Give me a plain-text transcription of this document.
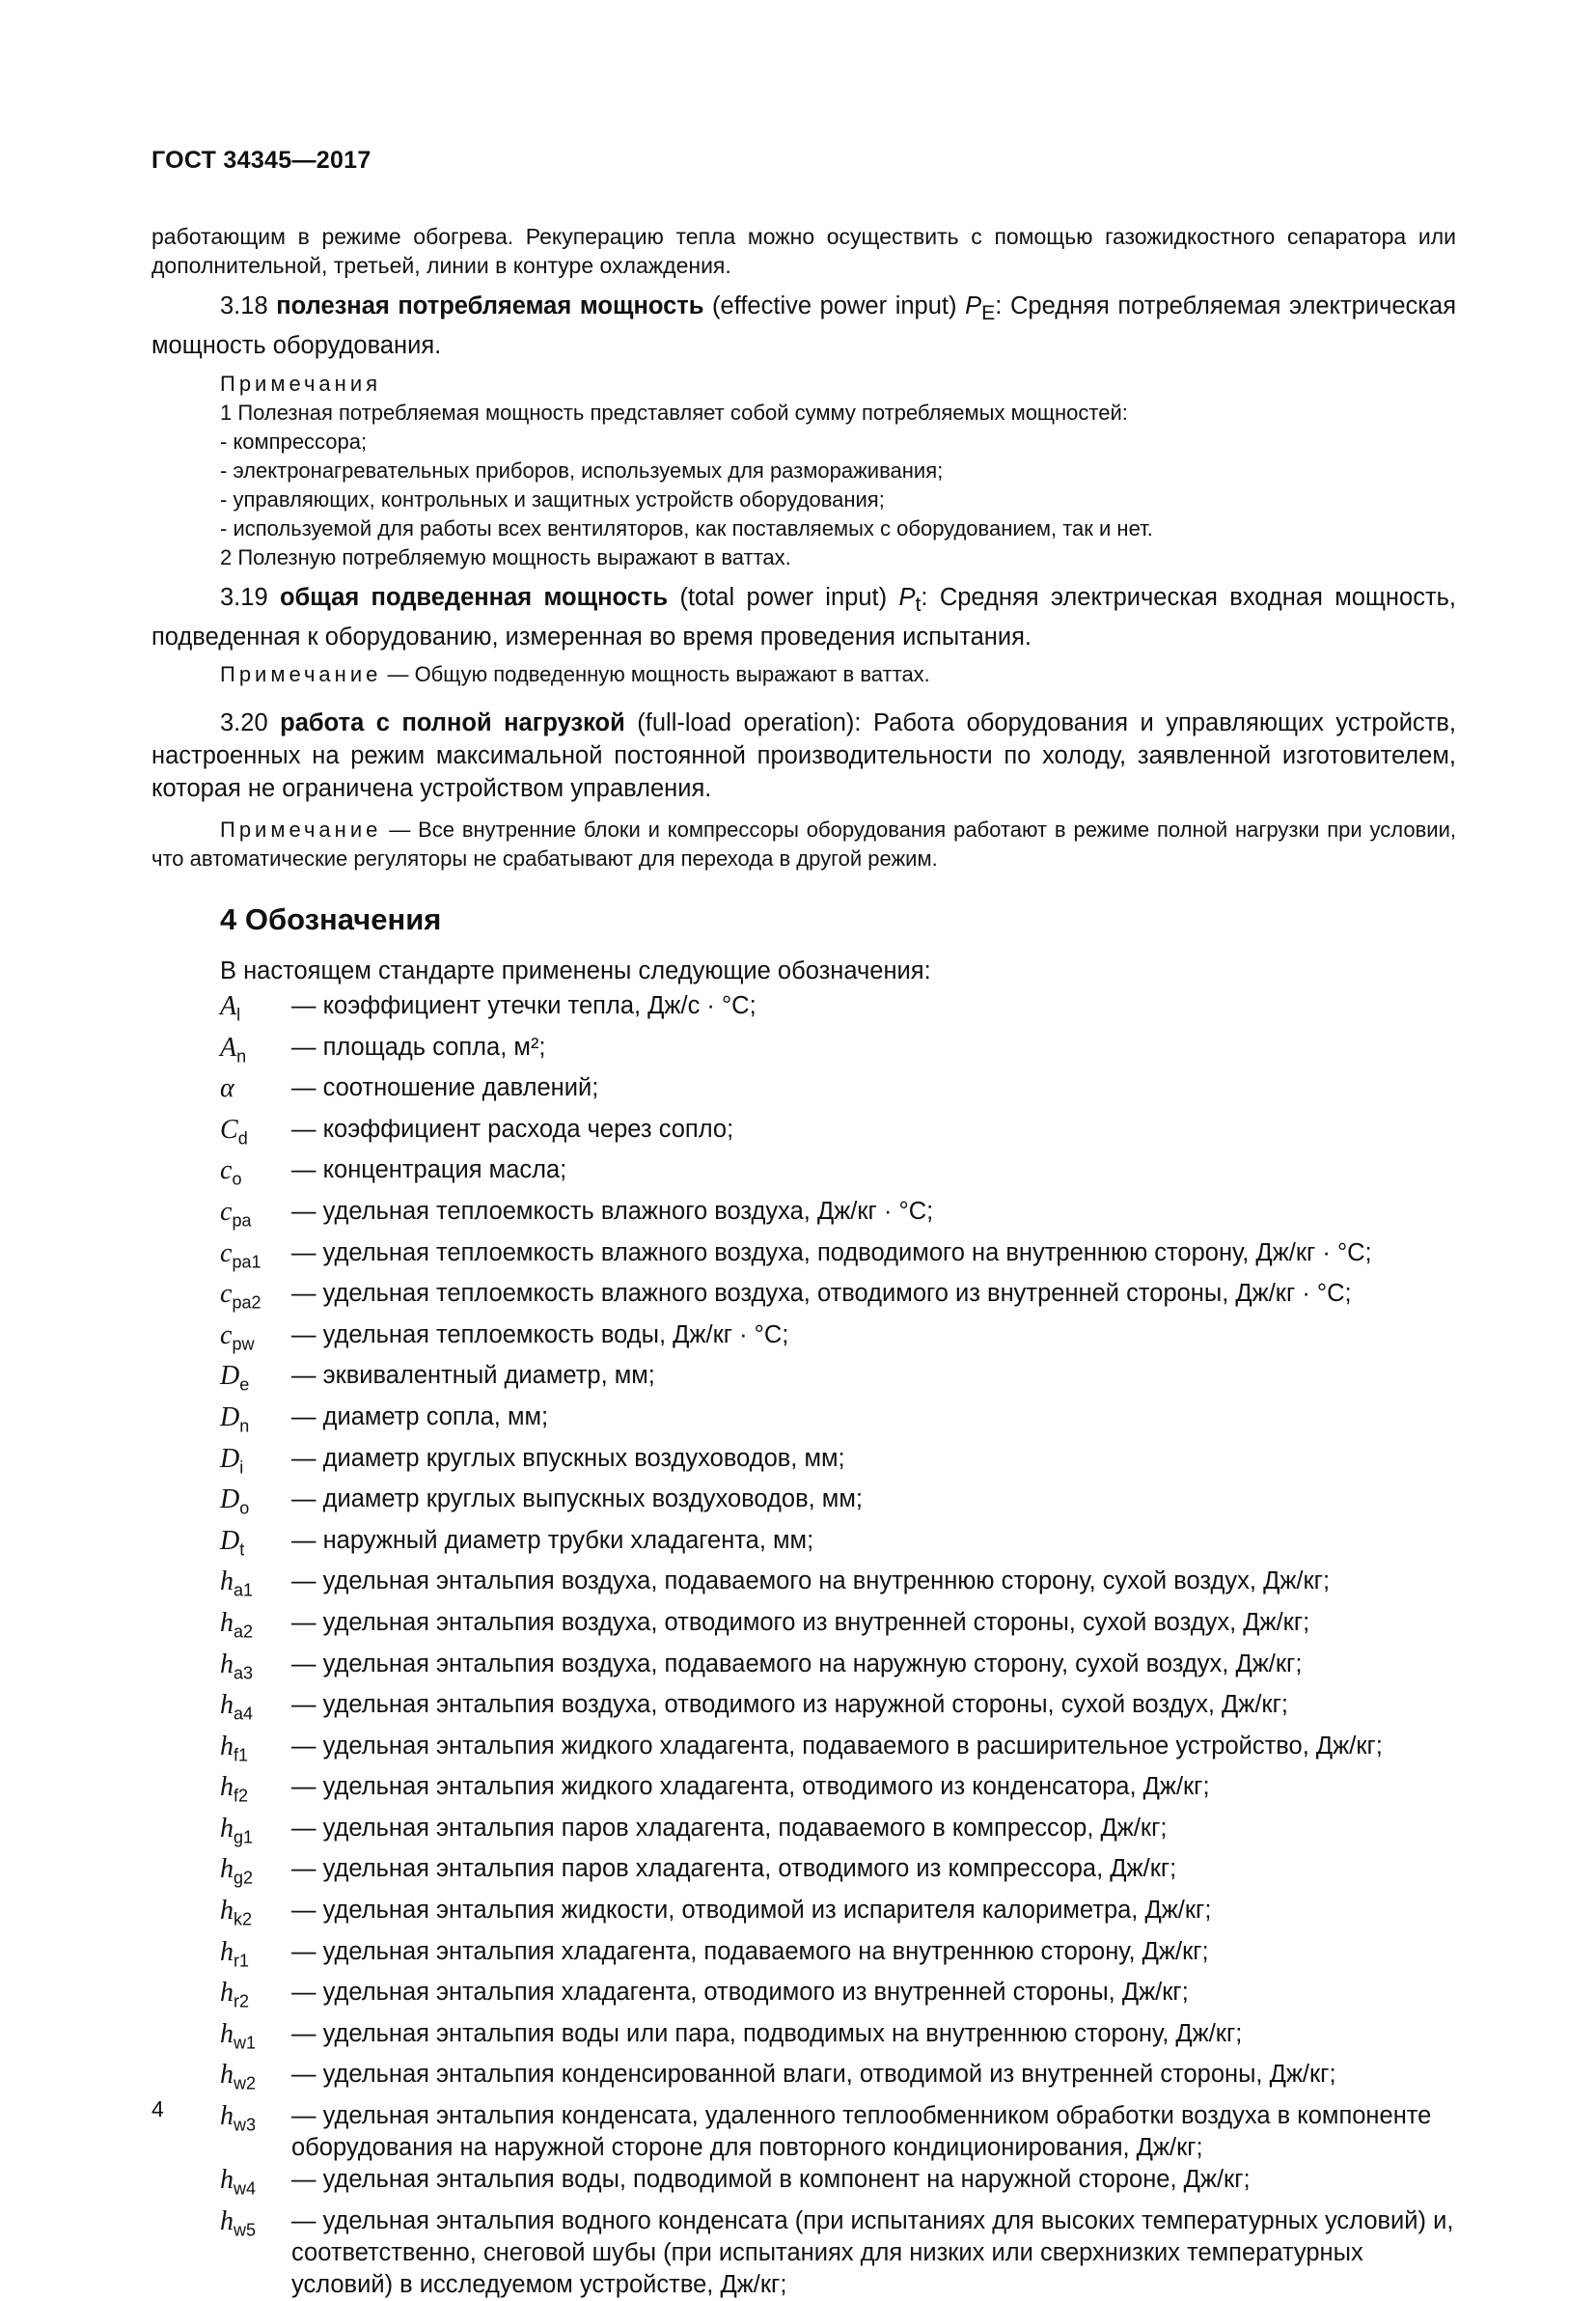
ГОСТ 34345—2017
работающим в режиме обогрева. Рекуперацию тепла можно осуществить с помощью газожидкостного сепаратора или дополнительной, третьей, линии в контуре охлаждения.
3.18 полезная потребляемая мощность (effective power input) $P_E$: Средняя потребляемая электрическая мощность оборудования.
Примечания
1 Полезная потребляемая мощность представляет собой сумму потребляемых мощностей:
- компрессора;
- электронагревательных приборов, используемых для размораживания;
- управляющих, контрольных и защитных устройств оборудования;
- используемой для работы всех вентиляторов, как поставляемых с оборудованием, так и нет.
2 Полезную потребляемую мощность выражают в ваттах.
3.19 общая подведенная мощность (total power input) $P_t$: Средняя электрическая входная мощность, подведенная к оборудованию, измеренная во время проведения испытания.
Примечание — Общую подведенную мощность выражают в ваттах.
3.20 работа с полной нагрузкой (full-load operation): Работа оборудования и управляющих устройств, настроенных на режим максимальной постоянной производительности по холоду, заявленной изготовителем, которая не ограничена устройством управления.
Примечание — Все внутренние блоки и компрессоры оборудования работают в режиме полной нагрузки при условии, что автоматические регуляторы не срабатывают для перехода в другой режим.
4 Обозначения
В настоящем стандарте применены следующие обозначения:
$A_l$	— коэффициент утечки тепла, Дж/с · °С;
$A_n$	— площадь сопла, м²;
α	— соотношение давлений;
$C_d$	— коэффициент расхода через сопло;
$c_o$	— концентрация масла;
$c_{pa}$	— удельная теплоемкость влажного воздуха, Дж/кг · °С;
$c_{pa1}$	— удельная теплоемкость влажного воздуха, подводимого на внутреннюю сторону, Дж/кг · °С;
$c_{pa2}$	— удельная теплоемкость влажного воздуха, отводимого из внутренней стороны, Дж/кг · °С;
$c_{pw}$	— удельная теплоемкость воды, Дж/кг · °С;
$D_e$	— эквивалентный диаметр, мм;
$D_n$	— диаметр сопла, мм;
$D_i$	— диаметр круглых впускных воздуховодов, мм;
$D_o$	— диаметр круглых выпускных воздуховодов, мм;
$D_t$	— наружный диаметр трубки хладагента, мм;
$h_{a1}$	— удельная энтальпия воздуха, подаваемого на внутреннюю сторону, сухой воздух, Дж/кг;
$h_{a2}$	— удельная энтальпия воздуха, отводимого из внутренней стороны, сухой воздух, Дж/кг;
$h_{a3}$	— удельная энтальпия воздуха, подаваемого на наружную сторону, сухой воздух, Дж/кг;
$h_{a4}$	— удельная энтальпия воздуха, отводимого из наружной стороны, сухой воздух, Дж/кг;
$h_{f1}$	— удельная энтальпия жидкого хладагента, подаваемого в расширительное устройство, Дж/кг;
$h_{f2}$	— удельная энтальпия жидкого хладагента, отводимого из конденсатора, Дж/кг;
$h_{g1}$	— удельная энтальпия паров хладагента, подаваемого в компрессор, Дж/кг;
$h_{g2}$	— удельная энтальпия паров хладагента, отводимого из компрессора, Дж/кг;
$h_{k2}$	— удельная энтальпия жидкости, отводимой из испарителя калориметра, Дж/кг;
$h_{r1}$	— удельная энтальпия хладагента, подаваемого на внутреннюю сторону, Дж/кг;
$h_{r2}$	— удельная энтальпия хладагента, отводимого из внутренней стороны, Дж/кг;
$h_{w1}$	— удельная энтальпия воды или пара, подводимых на внутреннюю сторону, Дж/кг;
$h_{w2}$	— удельная энтальпия конденсированной влаги, отводимой из внутренней стороны, Дж/кг;
$h_{w3}$	— удельная энтальпия конденсата, удаленного теплообменником обработки воздуха в компоненте оборудования на наружной стороне для повторного кондиционирования, Дж/кг;
$h_{w4}$	— удельная энтальпия воды, подводимой в компонент на наружной стороне, Дж/кг;
$h_{w5}$	— удельная энтальпия водного конденсата (при испытаниях для высоких температурных условий) и, соответственно, снеговой шубы (при испытаниях для низких или сверхнизких температурных условий) в исследуемом устройстве, Дж/кг;
4
